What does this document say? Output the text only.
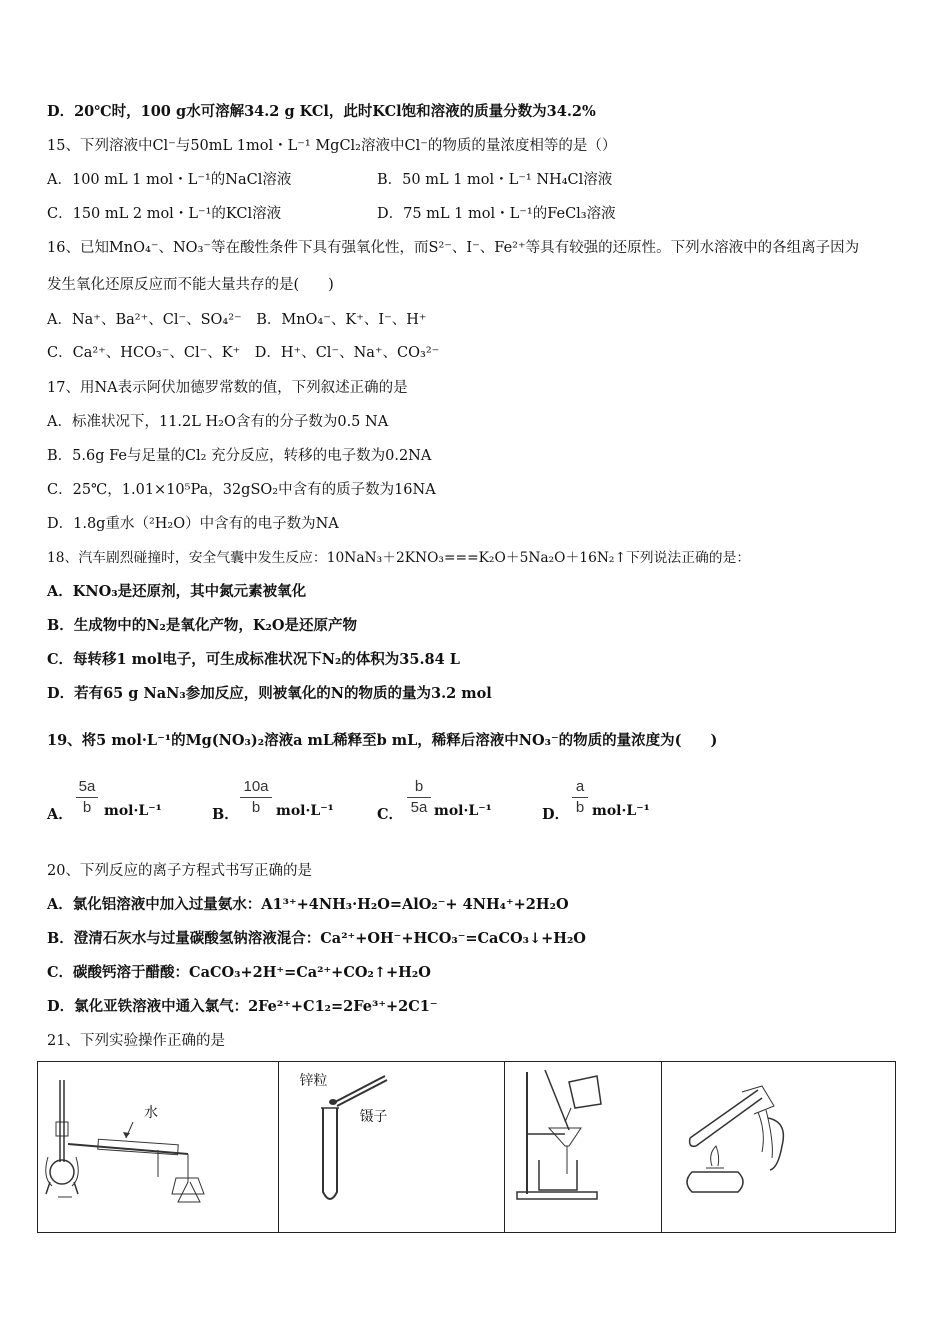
D．20℃时，100 g水可溶解34.2 g KCl，此时KCl饱和溶液的质量分数为34.2%
15、下列溶液中Cl⁻与50mL 1mol・L⁻¹ MgCl₂溶液中Cl⁻的物质的量浓度相等的是（）
A．100 mL 1 mol・L⁻¹的NaCl溶液	B．50 mL 1 mol・L⁻¹ NH₄Cl溶液
C．150 mL 2 mol・L⁻¹的KCl溶液	D．75 mL 1 mol・L⁻¹的FeCl₃溶液
16、已知MnO₄⁻、NO₃⁻等在酸性条件下具有强氧化性，而S²⁻、I⁻、Fe²⁺等具有较强的还原性。下列水溶液中的各组离子因为
发生氧化还原反应而不能大量共存的是(　　)
A．Na⁺、Ba²⁺、Cl⁻、SO₄²⁻　B．MnO₄⁻、K⁺、I⁻、H⁺
C．Ca²⁺、HCO₃⁻、Cl⁻、K⁺　D．H⁺、Cl⁻、Na⁺、CO₃²⁻
17、用NA表示阿伏加德罗常数的值，下列叙述正确的是
A．标准状况下，11.2L H₂O含有的分子数为0.5 NA
B．5.6g Fe与足量的Cl₂ 充分反应，转移的电子数为0.2NA
C．25℃，1.01×10⁵Pa，32gSO₂中含有的质子数为16NA
D．1.8g重水（²H₂O）中含有的电子数为NA
18、汽车剧烈碰撞时，安全气囊中发生反应：10NaN₃＋2KNO₃===K₂O＋5Na₂O＋16N₂↑下列说法正确的是：
A．KNO₃是还原剂，其中氮元素被氧化
B．生成物中的N₂是氧化产物，K₂O是还原产物
C．每转移1 mol电子，可生成标准状况下N₂的体积为35.84 L
D．若有65 g NaN₃参加反应，则被氧化的N的物质的量为3.2 mol
19、将5 mol·L⁻¹的Mg(NO₃)₂溶液a mL稀释至b mL，稀释后溶液中NO₃⁻的物质的量浓度为(　　)
A．
5a
b mol·L⁻¹	B．
10a
b	mol·L⁻¹	C．
b
5a mol·L⁻¹	D．
a
b mol·L⁻¹
20、下列反应的离子方程式书写正确的是
A．氯化铝溶液中加入过量氨水：A1³⁺+4NH₃·H₂O=AlO₂⁻+ 4NH₄⁺+2H₂O
B．澄清石灰水与过量碳酸氢钠溶液混合：Ca²⁺+OH⁻+HCO₃⁻=CaCO₃↓+H₂O
C．碳酸钙溶于醋酸：CaCO₃+2H⁺=Ca²⁺+CO₂↑+H₂O
D．氯化亚铁溶液中通入氯气：2Fe²⁺+C1₂=2Fe³⁺+2C1⁻
21、下列实验操作正确的是
水
锌粒
镊子
